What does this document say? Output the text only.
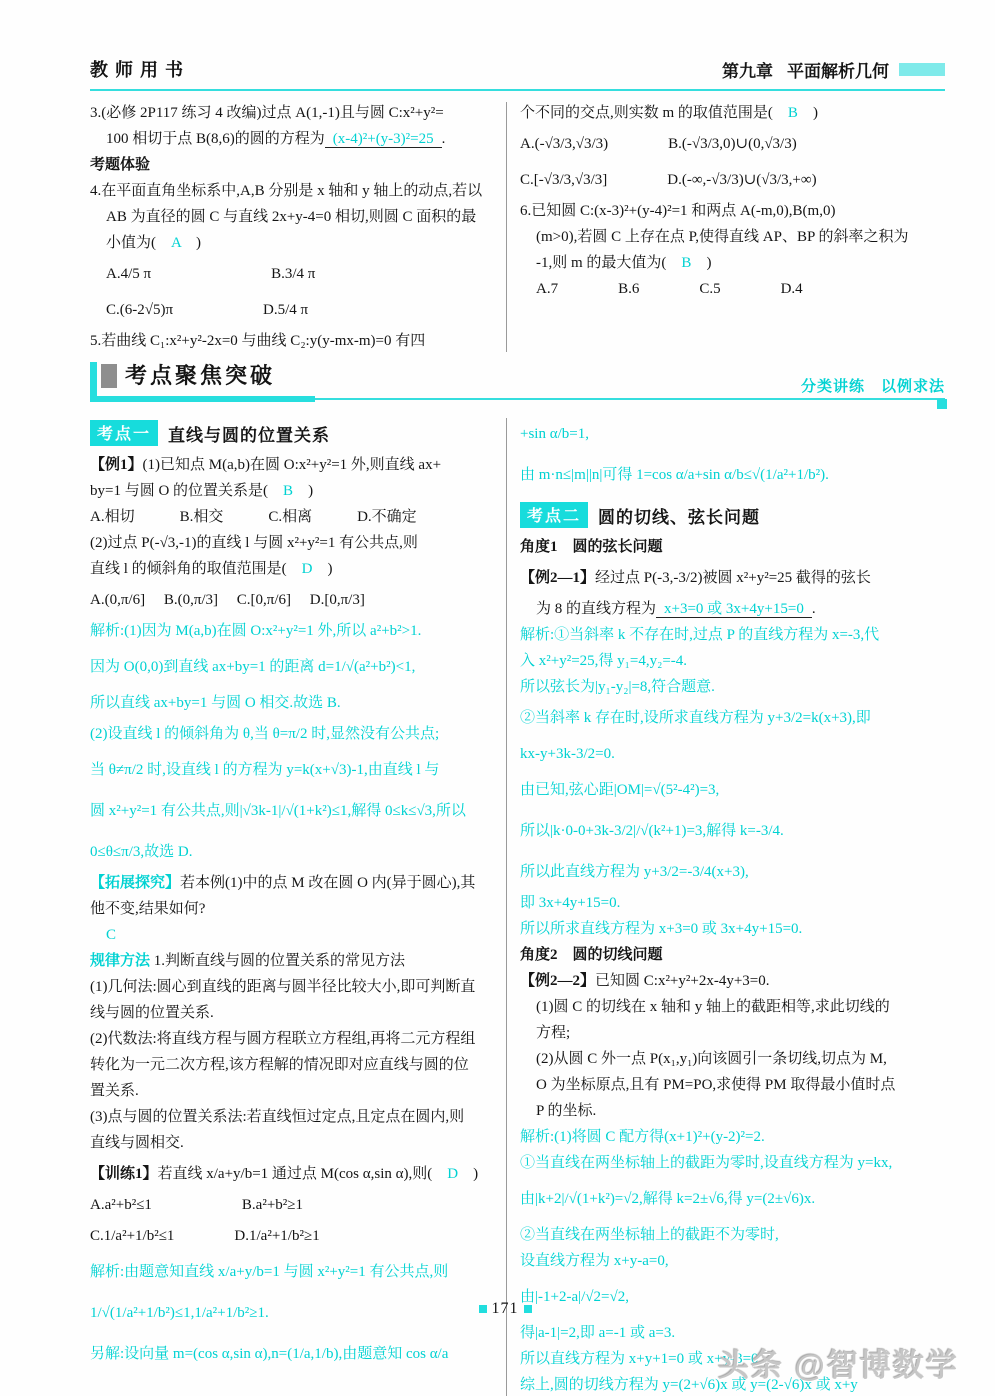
教师用书	第九章 平面解析几何
3.(必修 2P117 练习 4 改编)过点 A(1,-1)且与圆 C:x²+y²=
100 相切于点 B(8,6)的圆的方程为 (x-4)²+(y-3)²=25 .
考题体验
4.在平面直角坐标系中,A,B 分别是 x 轴和 y 轴上的动点,若以
AB 为直径的圆 C 与直线 2x+y-4=0 相切,则圆 C 面积的最
小值为(　A　)
A.4/5 π　　　　　　　　B.3/4 π
C.(6-2√5)π　　　　　　D.5/4 π
5.若曲线 C₁:x²+y²-2x=0 与曲线 C₂:y(y-mx-m)=0 有四
个不同的交点,则实数 m 的取值范围是(　B　)
A.(-√3/3,√3/3)　　　　B.(-√3/3,0)∪(0,√3/3)
C.[-√3/3,√3/3]　　　　D.(-∞,-√3/3)∪(√3/3,+∞)
6.已知圆 C:(x-3)²+(y-4)²=1 和两点 A(-m,0),B(m,0)
(m>0),若圆 C 上存在点 P,使得直线 AP、BP 的斜率之积为
-1,则 m 的最大值为(　B　)
A.7　　　　B.6　　　　C.5　　　　D.4
考点聚焦突破	分类讲练　以例求法
考点一	直线与圆的位置关系
【例1】(1)已知点 M(a,b)在圆 O:x²+y²=1 外,则直线 ax+
by=1 与圆 O 的位置关系是(　B　)
A.相切　　　B.相交　　　C.相离　　　D.不确定
(2)过点 P(-√3,-1)的直线 l 与圆 x²+y²=1 有公共点,则
直线 l 的倾斜角的取值范围是(　D　)
A.(0,π/6]　 B.(0,π/3]　 C.[0,π/6]　 D.[0,π/3]
解析:(1)因为 M(a,b)在圆 O:x²+y²=1 外,所以 a²+b²>1.
因为 O(0,0)到直线 ax+by=1 的距离 d=1/√(a²+b²)<1,
所以直线 ax+by=1 与圆 O 相交.故选 B.
(2)设直线 l 的倾斜角为 θ,当 θ=π/2 时,显然没有公共点;
当 θ≠π/2 时,设直线 l 的方程为 y=k(x+√3)-1,由直线 l 与
圆 x²+y²=1 有公共点,则|√3k-1|/√(1+k²)≤1,解得 0≤k≤√3,所以
0≤θ≤π/3,故选 D.
【拓展探究】若本例(1)中的点 M 改在圆 O 内(异于圆心),其
他不变,结果如何?
C
规律方法 1.判断直线与圆的位置关系的常见方法
(1)几何法:圆心到直线的距离与圆半径比较大小,即可判断直
线与圆的位置关系.
(2)代数法:将直线方程与圆方程联立方程组,再将二元方程组
转化为一元二次方程,该方程解的情况即对应直线与圆的位
置关系.
(3)点与圆的位置关系法:若直线恒过定点,且定点在圆内,则
直线与圆相交.
【训练1】若直线 x/a+y/b=1 通过点 M(cos α,sin α),则(　D　)
A.a²+b²≤1　　　　　　B.a²+b²≥1
C.1/a²+1/b²≤1　　　　D.1/a²+1/b²≥1
解析:由题意知直线 x/a+y/b=1 与圆 x²+y²=1 有公共点,则
1/√(1/a²+1/b²)≤1,1/a²+1/b²≥1.
另解:设向量 m=(cos α,sin α),n=(1/a,1/b),由题意知 cos α/a
+sin α/b=1,
由 m·n≤|m||n|可得 1=cos α/a+sin α/b≤√(1/a²+1/b²).
考点二	圆的切线、弦长问题
角度1　圆的弦长问题
【例2—1】经过点 P(-3,-3/2)被圆 x²+y²=25 截得的弦长
为 8 的直线方程为 x+3=0 或 3x+4y+15=0 .
解析:①当斜率 k 不存在时,过点 P 的直线方程为 x=-3,代
入 x²+y²=25,得 y₁=4,y₂=-4.
所以弦长为|y₁-y₂|=8,符合题意.
②当斜率 k 存在时,设所求直线方程为 y+3/2=k(x+3),即
kx-y+3k-3/2=0.
由已知,弦心距|OM|=√(5²-4²)=3,
所以|k·0-0+3k-3/2|/√(k²+1)=3,解得 k=-3/4.
所以此直线方程为 y+3/2=-3/4(x+3),
即 3x+4y+15=0.
所以所求直线方程为 x+3=0 或 3x+4y+15=0.
角度2　圆的切线问题
【例2—2】已知圆 C:x²+y²+2x-4y+3=0.
(1)圆 C 的切线在 x 轴和 y 轴上的截距相等,求此切线的
方程;
(2)从圆 C 外一点 P(x₁,y₁)向该圆引一条切线,切点为 M,
O 为坐标原点,且有 PM=PO,求使得 PM 取得最小值时点
P 的坐标.
解析:(1)将圆 C 配方得(x+1)²+(y-2)²=2.
①当直线在两坐标轴上的截距为零时,设直线方程为 y=kx,
由|k+2|/√(1+k²)=√2,解得 k=2±√6,得 y=(2±√6)x.
②当直线在两坐标轴上的截距不为零时,
设直线方程为 x+y-a=0,
由|-1+2-a|/√2=√2,
得|a-1|=2,即 a=-1 或 a=3.
所以直线方程为 x+y+1=0 或 x+y-3=0.
综上,圆的切线方程为 y=(2+√6)x 或 y=(2-√6)x 或 x+y
171
头条 @智博数学
